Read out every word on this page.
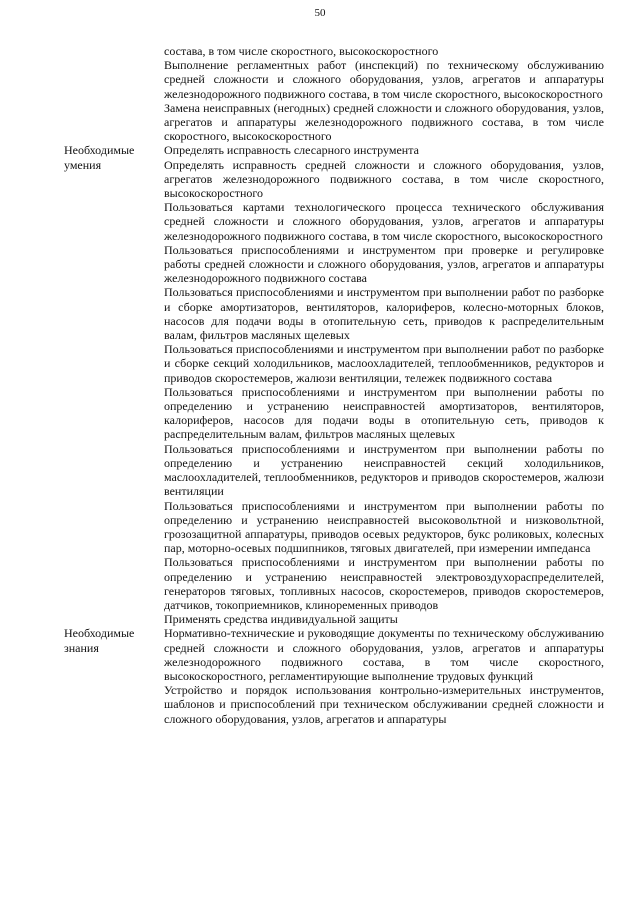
50
состава, в том числе скоростного, высокоскоростного
Выполнение регламентных работ (инспекций) по техническому обслуживанию средней сложности и сложного оборудования, узлов, агрегатов и аппаратуры железнодорожного подвижного состава, в том числе скоростного, высокоскоростного
Замена неисправных (негодных) средней сложности и сложного оборудования, узлов, агрегатов и аппаратуры железнодорожного подвижного состава, в том числе скоростного, высокоскоростного
Необходимые умения
Определять исправность слесарного инструмента
Определять исправность средней сложности и сложного оборудования, узлов, агрегатов железнодорожного подвижного состава, в том числе скоростного, высокоскоростного
Пользоваться картами технологического процесса технического обслуживания средней сложности и сложного оборудования, узлов, агрегатов и аппаратуры железнодорожного подвижного состава, в том числе скоростного, высокоскоростного
Пользоваться приспособлениями и инструментом при проверке и регулировке работы средней сложности и сложного оборудования, узлов, агрегатов и аппаратуры железнодорожного подвижного состава
Пользоваться приспособлениями и инструментом при выполнении работ по разборке и сборке амортизаторов, вентиляторов, калориферов, колесно-моторных блоков, насосов для подачи воды в отопительную сеть, приводов к распределительным валам, фильтров масляных щелевых
Пользоваться приспособлениями и инструментом при выполнении работ по разборке и сборке секций холодильников, маслоохладителей, теплообменников, редукторов и приводов скоростемеров, жалюзи вентиляции, тележек подвижного состава
Пользоваться приспособлениями и инструментом при выполнении работы по определению и устранению неисправностей амортизаторов, вентиляторов, калориферов, насосов для подачи воды в отопительную сеть, приводов к распределительным валам, фильтров масляных щелевых
Пользоваться приспособлениями и инструментом при выполнении работы по определению и устранению неисправностей секций холодильников, маслоохладителей, теплообменников, редукторов и приводов скоростемеров, жалюзи вентиляции
Пользоваться приспособлениями и инструментом при выполнении работы по определению и устранению неисправностей высоковольтной и низковольтной, грозозащитной аппаратуры, приводов осевых редукторов, букс роликовых, колесных пар, моторно-осевых подшипников, тяговых двигателей, при измерении импеданса
Пользоваться приспособлениями и инструментом при выполнении работы по определению и устранению неисправностей электровоздухораспределителей, генераторов тяговых, топливных насосов, скоростемеров, приводов скоростемеров, датчиков, токоприемников, клиноременных приводов
Применять средства индивидуальной защиты
Необходимые знания
Нормативно-технические и руководящие документы по техническому обслуживанию средней сложности и сложного оборудования, узлов, агрегатов и аппаратуры железнодорожного подвижного состава, в том числе скоростного, высокоскоростного, регламентирующие выполнение трудовых функций
Устройство и порядок использования контрольно-измерительных инструментов, шаблонов и приспособлений при техническом обслуживании средней сложности и сложного оборудования, узлов, агрегатов и аппаратуры
